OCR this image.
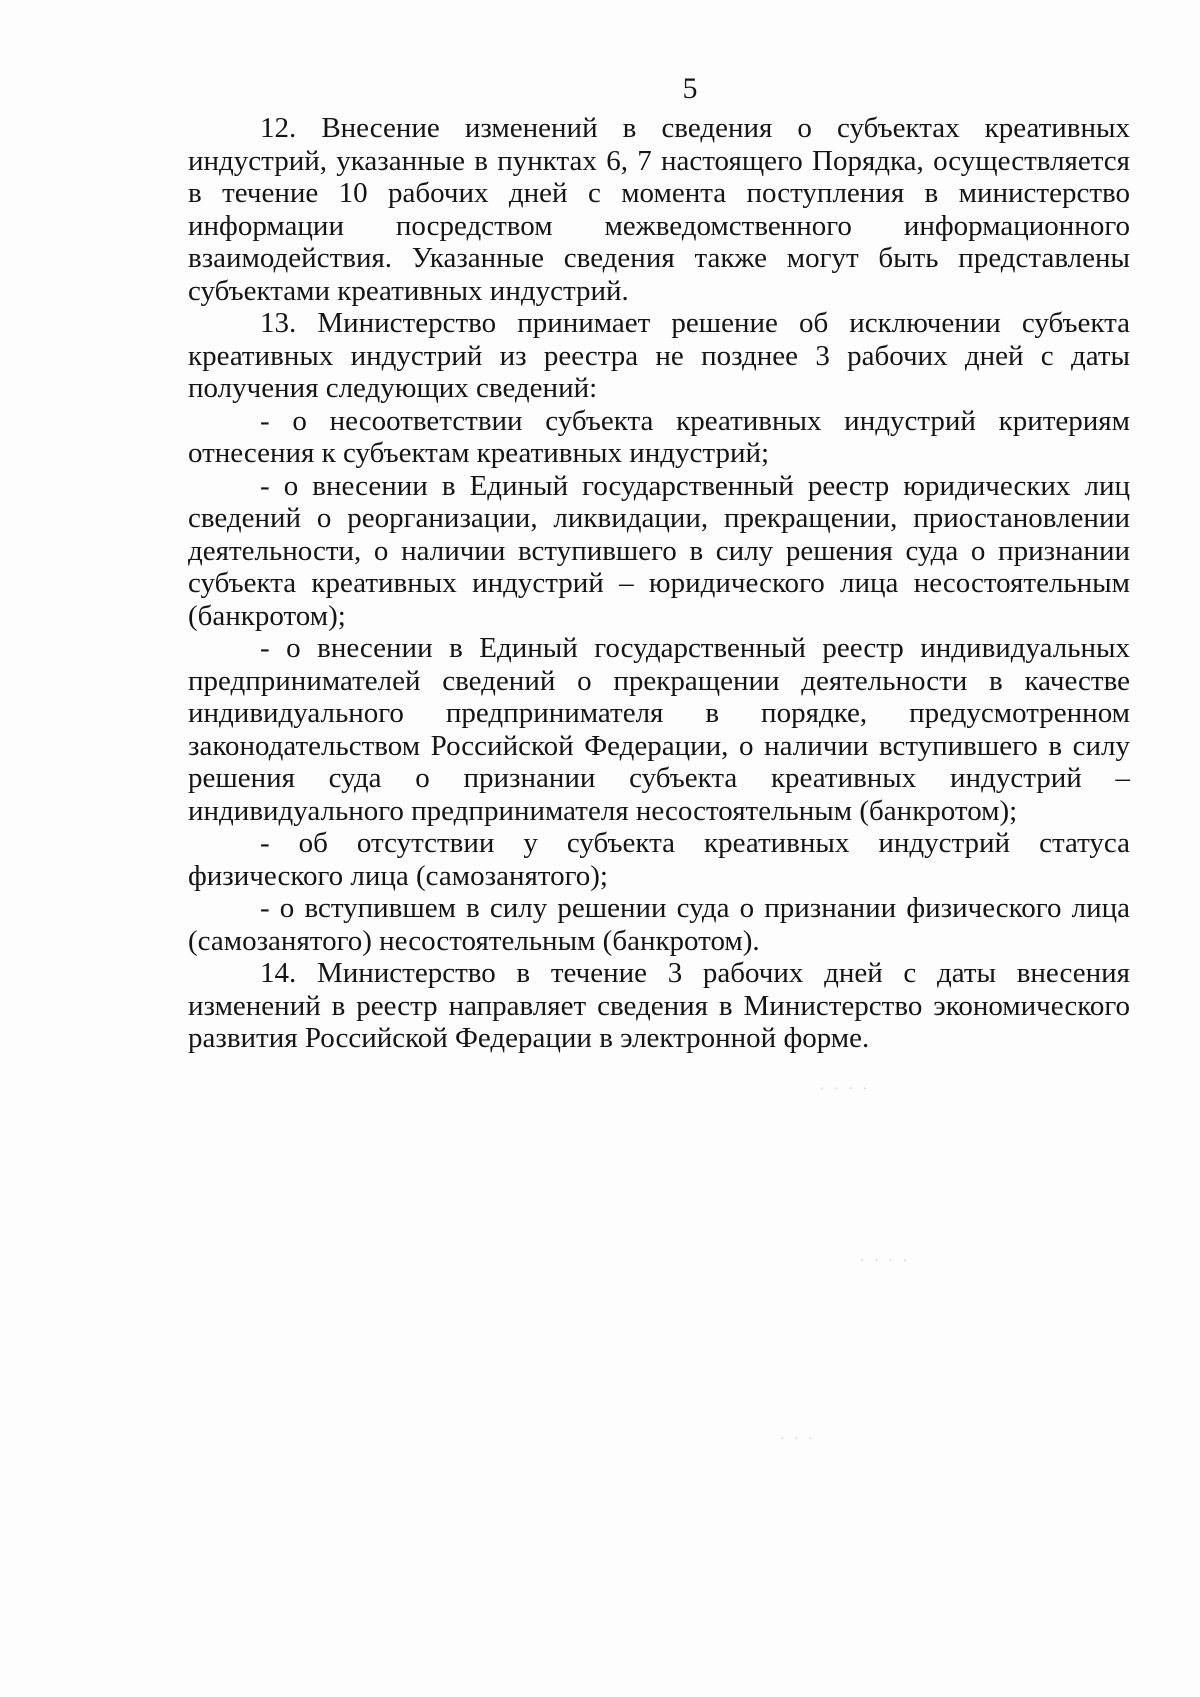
5

12. Внесение изменений в сведения о субъектах креативных индустрий, указанные в пунктах 6, 7 настоящего Порядка, осуществляется в течение 10 рабочих дней с момента поступления в министерство информации посредством межведомственного информационного взаимодействия. Указанные сведения также могут быть представлены субъектами креативных индустрий.

13. Министерство принимает решение об исключении субъекта креативных индустрий из реестра не позднее 3 рабочих дней с даты получения следующих сведений:

- о несоответствии субъекта креативных индустрий критериям отнесения к субъектам креативных индустрий;

- о внесении в Единый государственный реестр юридических лиц сведений о реорганизации, ликвидации, прекращении, приостановлении деятельности, о наличии вступившего в силу решения суда о признании субъекта креативных индустрий – юридического лица несостоятельным (банкротом);

- о внесении в Единый государственный реестр индивидуальных предпринимателей сведений о прекращении деятельности в качестве индивидуального предпринимателя в порядке, предусмотренном законодательством Российской Федерации, о наличии вступившего в силу решения суда о признании субъекта креативных индустрий – индивидуального предпринимателя несостоятельным (банкротом);

- об отсутствии у субъекта креативных индустрий статуса физического лица (самозанятого);

- о вступившем в силу решении суда о признании физического лица (самозанятого) несостоятельным (банкротом).

14. Министерство в течение 3 рабочих дней с даты внесения изменений в реестр направляет сведения в Министерство экономического развития Российской Федерации в электронной форме.

· · · ·
· · · ·
· · ·
